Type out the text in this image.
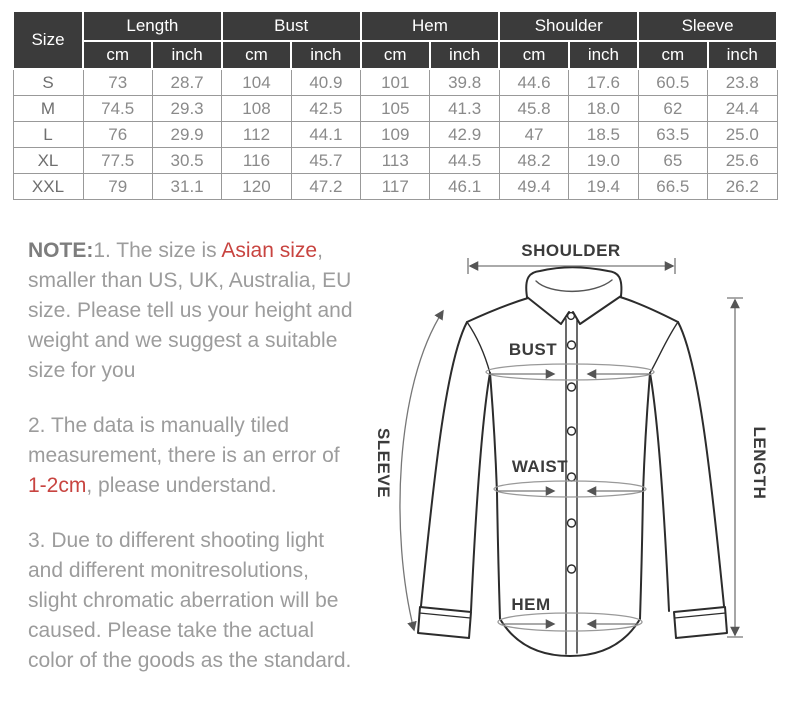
Size	Length		Bust		Hem		Shoulder		Sleeve	
	cm	inch	cm	inch	cm	inch	cm	inch	cm	inch
S	73	28.7	104	40.9	101	39.8	44.6	17.6	60.5	23.8
M	74.5	29.3	108	42.5	105	41.3	45.8	18.0	62	24.4
L	76	29.9	112	44.1	109	42.9	47	18.5	63.5	25.0
XL	77.5	30.5	116	45.7	113	44.5	48.2	19.0	65	25.6
XXL	79	31.1	120	47.2	117	46.1	49.4	19.4	66.5	26.2

NOTE:1. The size is Asian size, smaller than US, UK, Australia, EU size. Please tell us your height and weight and we suggest a suitable size for you

2. The data is manually tiled measurement, there is an error of 1-2cm, please understand.

3. Due to different shooting light and different monitresolutions, slight chromatic aberration will be caused. Please take the actual color of the goods as the standard.

SHOULDER
BUST
WAIST
HEM
SLEEVE	LENGTH
